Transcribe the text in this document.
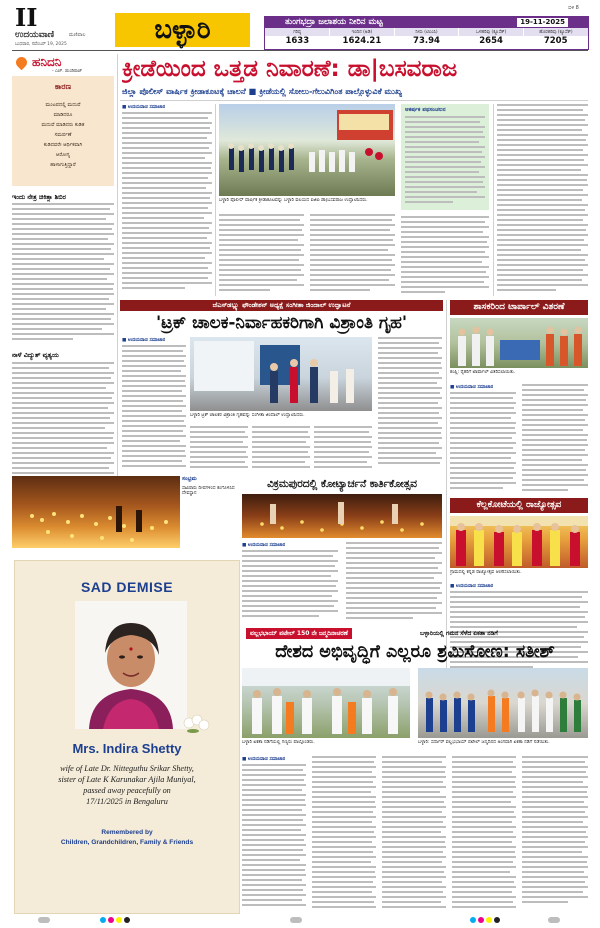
II
ಉದಯವಾಣಿ	ಮಣಿಪಾಲ
ಬುಧವಾರ, ನವೆಂಬರ್ 19, 2025	ಬಳ್ಳಾರಿ
ಬಿಳಿ 8
ತುಂಗಭದ್ರಾ ಜಲಾಶಯ ನೀರಿನ ಮಟ್ಟ	19-11-2025
ಗರಿಷ್ಠ	ಇಂದಿನ (ಅಡಿ)	ನೀರು (ಟಿಎಂಸಿ)	ಒಳಹರಿವು (ಕ್ಯೂಸೆಕ್)	ಹೊರಹರಿವು (ಕ್ಯೂಸೆಕ್)
1633	1624.21	73.94	2654	7205
ಹನಿದನಿ
- ಎಚ್. ಡುಂಡಿರಾಜ್
ಕಾರಣ
ಮಂಟಪದಲ್ಲಿ ಮದುವೆ
ಮಾಡಿದರೂ
ಮದುವೆ ಮಾಡಿದರು ಕುಡಿತ
ಸಮರ್ಪಣೆ
ಕುಡಿದವರೇ ಆರ್ಥಿಕವಾಗಿ
ಆರೋಗ್ಯ
ಹಾಳಾಗುತ್ತಿದ್ದಾರೆ
ಇಂದು ನೇತ್ರ ಚಿಕಿತ್ಸಾ ಶಿಬಿರ
ನಾಳೆ ವಿದ್ಯುತ್ ವ್ಯತ್ಯಯ
ಕ್ರೀಡೆಯಿಂದ ಒತ್ತಡ ನಿವಾರಣೆ: ಡಾ|ಬಸವರಾಜ
ಜಿಲ್ಲಾ ಪೊಲೀಸ್ ವಾರ್ಷಿಕ ಕ್ರೀಡಾಕೂಟಕ್ಕೆ ಚಾಲನೆ ■ ಕ್ರೀಡೆಯಲ್ಲಿ ಸೋಲು-ಗೆಲುವಿಗಿಂತ ಪಾಲ್ಗೊಳ್ಳುವಿಕೆ ಮುಖ್ಯ
■ ಉದಯವಾಣಿ ಸಮಾಚಾರ
ಬಳ್ಳಾರಿ ಪೊಲೀಸ್ ವಾರ್ಷಿಕ ಕ್ರೀಡಾಕೂಟವನ್ನು ಬಳ್ಳಾರಿ ವಲಯದ ಐಜಿಪಿ ಡಾ|ಬಸವರಾಜ ಉದ್ಘಾಟಿಸಿದರು.
ಆಕರ್ಷಕ ಪಥಸಂಚಲನ
ಜೆಎಸ್‌ಡಬ್ಲ್ಯು ಫೌಂಡೇಶನ್ ಅಧ್ಯಕ್ಷೆ ಸಂಗೀತಾ ಜಿಂದಾಲ್ ಉದ್ಘಾಟನೆ
'ಟ್ರಕ್ ಚಾಲಕ-ನಿರ್ವಾಹಕರಿಗಾಗಿ ವಿಶ್ರಾಂತಿ ಗೃಹ'
■ ಉದಯವಾಣಿ ಸಮಾಚಾರ
ಬಳ್ಳಾರಿ ಟ್ರಕ್ ಚಾಲಕರ ವಿಶ್ರಾಂತಿ ಗೃಹವನ್ನು ಸಂಗೀತಾ ಜಿಂದಾಲ್ ಉದ್ಘಾಟಿಸಿದರು.
ಶಾಸಕರಿಂದ ಟಾರ್ಪಾಲ್ ವಿತರಣೆ
ಕಂಪ್ಲಿ: ರೈತರಿಗೆ ಟಾರ್ಪಾಲ್ ವಿತರಿಸಲಾಯಿತು.
■ ಉದಯವಾಣಿ ಸಮಾಚಾರ
ಕೆಲ್ಲಕೋಟೆಯಲ್ಲಿ ರಾಜ್ಯೋತ್ಸವ
ಗ್ರಾಮದಲ್ಲಿ ಕನ್ನಡ ರಾಜ್ಯೋತ್ಸವ ಆಚರಿಸಲಾಯಿತು.
■ ಉದಯವಾಣಿ ಸಮಾಚಾರ
ಸಂಭ್ರಮ
ಸಾವಿರಾರು ದೀಪಗಳಿಂದ ಕಂಗೊಳಿಸಿದ ದೇವಸ್ಥಾನ
ವಿಕ್ರಮಪುರದಲ್ಲಿ ಕೋಟ್ಯಾರ್ಚನೆ ಕಾರ್ತಿಕೋತ್ಸವ
■ ಉದಯವಾಣಿ ಸಮಾಚಾರ
SAD DEMISE
Mrs. Indira Shetty
wife of Late Dr. Nitteguthu Srikar Shetty,
sister of Late K Karunakar Ajila Muniyal,
passed away peacefully on
17/11/2025 in Bengaluru
Remembered by
Children, Grandchildren, Family & Friends
ವಲ್ಲಭಭಾಯ್ ಪಟೇಲ್ 150 ನೇ ಜನ್ಮದಿನಾಚರಣೆ	ಬಳ್ಳಾರಿಯಲ್ಲಿ ಗಮನ ಸೆಳೆದ ಏಕತಾ ನಡಿಗೆ
ದೇಶದ ಅಭಿವೃದ್ಧಿಗೆ ಎಲ್ಲರೂ ಶ್ರಮಿಸೋಣ: ಸತೀಶ್
ಬಳ್ಳಾರಿ ಏಕತಾ ನಡಿಗೆಯಲ್ಲಿ ಗಣ್ಯರು ಪಾಲ್ಗೊಂಡರು.	ಬಳ್ಳಾರಿ: ಸರ್ದಾರ್ ವಲ್ಲಭಭಾಯ್ ಪಟೇಲ್ ಜನ್ಮದಿನದ ಅಂಗವಾಗಿ ಏಕತಾ ನಡಿಗೆ ನಡೆಯಿತು.
■ ಉದಯವಾಣಿ ಸಮಾಚಾರ
